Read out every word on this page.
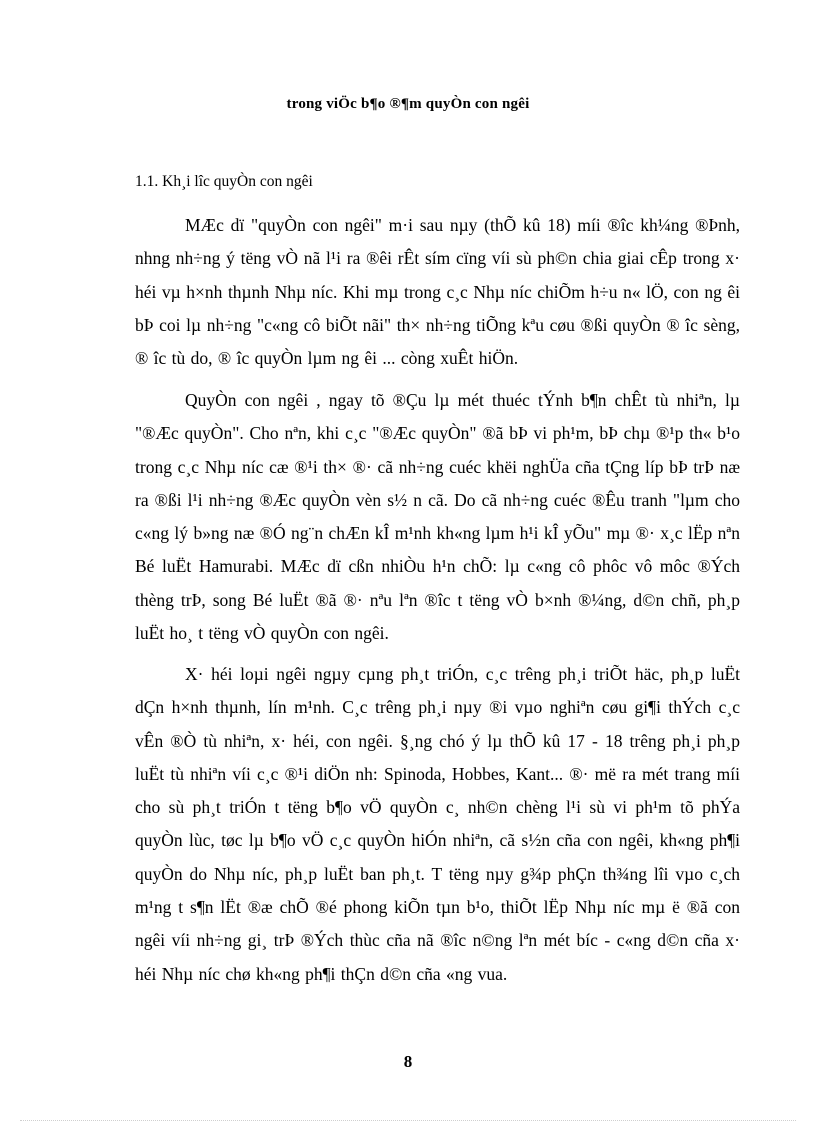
trong viÖc b¶o ®¶m quyÒn con ngêi
1.1. Kh¸i lîc quyÒn con ngêi

MÆc dï "quyÒn con ngêi" m·i sau nµy (thÕ kû 18) míi ®îc kh¼ng ®Þnh, nhng nh÷ng ý tëng vÒ nã l¹i ra ®êi rÊt sím cïng víi sù ph©n chia giai cÊp trong x· héi vµ h×nh thµnh Nhµ níc. Khi mµ trong c¸c Nhµ níc chiÕm h÷u n« lÖ, con ng êi bÞ coi lµ nh÷ng "c«ng cô biÕt nãi" th× nh÷ng tiÕng kªu cøu ®ßi quyÒn ® îc sèng, ® îc tù do, ® îc quyÒn lµm ng êi ... còng xuÊt hiÖn.

QuyÒn con ngêi , ngay tõ ®Çu lµ mét thuéc tÝnh b¶n chÊt tù nhiªn, lµ "®Æc quyÒn". Cho nªn, khi c¸c "®Æc quyÒn" ®ã bÞ vi ph¹m, bÞ chµ ®¹p th« b¹o trong c¸c Nhµ níc cæ ®¹i th× ®· cã nh÷ng cuéc khëi nghÜa cña tÇng líp bÞ trÞ næ ra ®ßi l¹i nh÷ng ®Æc quyÒn vèn s½ n cã. Do cã nh÷ng cuéc ®Êu tranh "lµm cho c«ng lý b»ng næ ®Ó ng¨n chÆn kÎ m¹nh kh«ng lµm h¹i kÎ yÕu" mµ ®· x¸c lËp nªn Bé luËt Hamurabi. MÆc dï cßn nhiÒu h¹n chÕ: lµ c«ng cô phôc vô môc ®Ých thèng trÞ, song Bé luËt ®ã ®· nªu lªn ®îc t tëng vÒ b×nh ®¼ng, d©n chñ, ph¸p luËt ho¸ t tëng vÒ quyÒn con ngêi.

X· héi loµi ngêi ngµy cµng ph¸t triÓn, c¸c trêng ph¸i triÕt häc, ph¸p luËt dÇn h×nh thµnh, lín m¹nh. C¸c trêng ph¸i nµy ®i vµo nghiªn cøu gi¶i thÝch c¸c vÊn ®Ò tù nhiªn, x· héi, con ngêi. §¸ng chó ý lµ thÕ kû 17 - 18 trêng ph¸i ph¸p luËt tù nhiªn víi c¸c ®¹i diÖn nh: Spinoda, Hobbes, Kant... ®· më ra mét trang míi cho sù ph¸t triÓn t tëng b¶o vÖ quyÒn c¸ nh©n chèng l¹i sù vi ph¹m tõ phÝa quyÒn lùc, tøc lµ b¶o vÖ c¸c quyÒn hiÓn nhiªn, cã s½n cña con ngêi, kh«ng ph¶i quyÒn do Nhµ níc, ph¸p luËt ban ph¸t. T tëng nµy g¾p phÇn th¾ng lîi vµo c¸ch m¹ng t s¶n lËt ®æ chÕ ®é phong kiÕn tµn b¹o, thiÕt lËp Nhµ níc mµ ë ®ã con ngêi víi nh÷ng gi¸ trÞ ®Ých thùc cña nã ®îc n©ng lªn mét bíc - c«ng d©n cña x· héi Nhµ níc chø kh«ng ph¶i thÇn d©n cña «ng vua.

8
